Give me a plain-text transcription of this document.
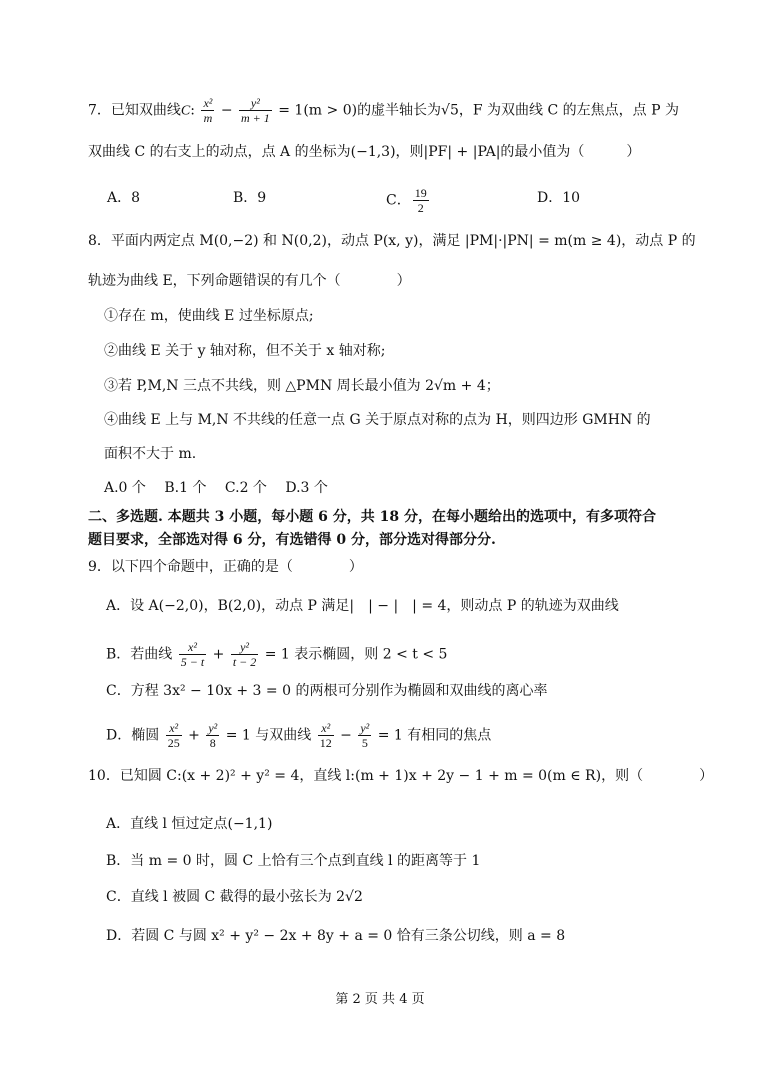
7．已知双曲线C: $\frac{\text{x²}}{m} - \frac{\text{y²}}{m + 1} = 1(m > 0)$的虚半轴长为√5，F 为双曲线 C 的左焦点，点 P 为
双曲线 C 的右支上的动点，点 A 的坐标为(−1,3)，则|PF| + |PA|的最小值为（　　　）
A．8	B．9	C． $\frac{19}{2}$	D．10
8．平面内两定点 M(0,−2) 和 N(0,2)，动点 P(x, y)，满足 |PM|·|PN| = m(m ≥ 4)，动点 P 的
轨迹为曲线 E，下列命题错误的有几个（　　　　）
①存在 m，使曲线 E 过坐标原点;
②曲线 E 关于 y 轴对称，但不关于 x 轴对称;
③若 P,M,N 三点不共线，则 △PMN 周长最小值为 2√m + 4；
④曲线 E 上与 M,N 不共线的任意一点 G 关于原点对称的点为 H，则四边形 GMHN 的
面积不大于 m.
A.0 个　 B.1 个　 C.2 个　 D.3 个
二、多选题. 本题共 3 小题，每小题 6 分，共 18 分，在每小题给出的选项中，有多项符合
题目要求，全部选对得 6 分，有选错得 0 分，部分选对得部分分.
9．以下四个命题中，正确的是（　　　　）
A．设 A(−2,0)，B(2,0)，动点 P 满足|　| − |　| = 4，则动点 P 的轨迹为双曲线
B．若曲线 $\frac{\text{x²}}{5 - t} + \frac{\text{y²}}{t - 2} = 1$ 表示椭圆，则 2 < t < 5
C．方程 3x² − 10x + 3 = 0 的两根可分别作为椭圆和双曲线的离心率
D．椭圆 $\frac{\text{x²}}{25} + \frac{\text{y²}}{8} = 1$ 与双曲线 $\frac{\text{x²}}{12} - \frac{\text{y²}}{5} = 1$ 有相同的焦点
10．已知圆 C:(x + 2)² + y² = 4，直线 l:(m + 1)x + 2y − 1 + m = 0(m ∈ R)，则（　　　　）
A．直线 l 恒过定点(−1,1)
B．当 m = 0 时，圆 C 上恰有三个点到直线 l 的距离等于 1
C．直线 l 被圆 C 截得的最小弦长为 2√2
D．若圆 C 与圆 x² + y² − 2x + 8y + a = 0 恰有三条公切线，则 a = 8
第 2 页 共 4 页
